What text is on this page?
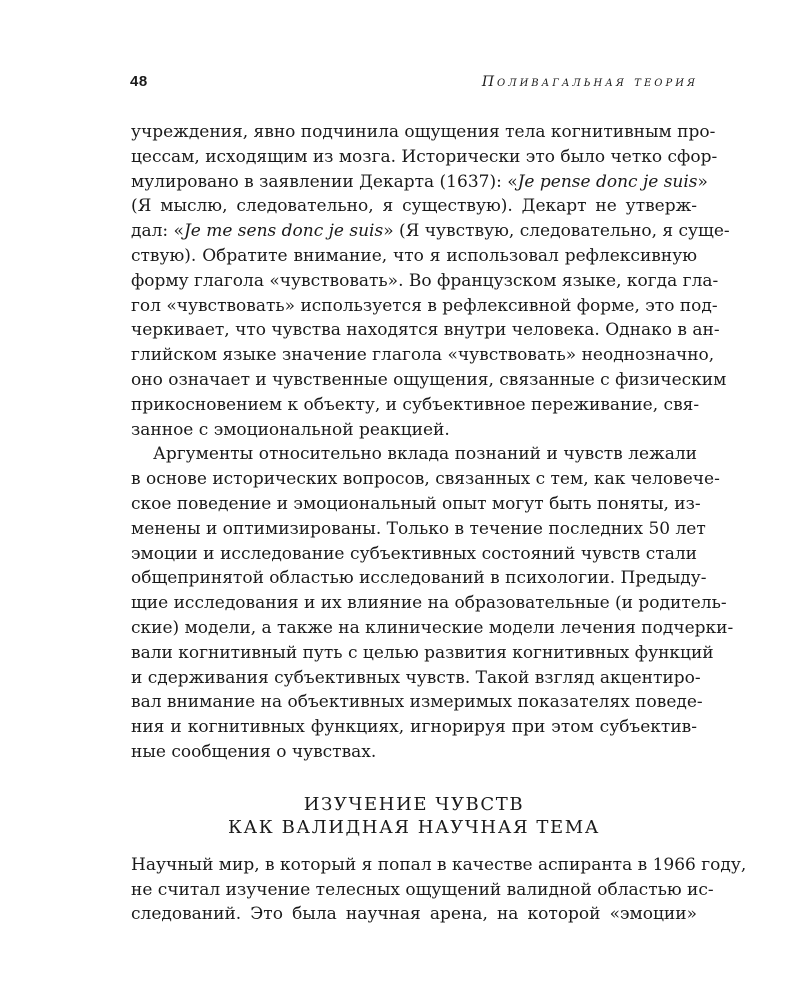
48	Поливагальная теория

учреждения, явно подчинила ощущения тела когнитивным про-
цессам, исходящим из мозга. Исторически это было четко сфор-
мулировано в заявлении Декарта (1637): «Je pense donc je suis»
(Я мыслю, следовательно, я существую). Декарт не утверж-
дал: «Je me sens donc je suis» (Я чувствую, следовательно, я суще-
ствую). Обратите внимание, что я использовал рефлексивную
форму глагола «чувствовать». Во французском языке, когда гла-
гол «чувствовать» используется в рефлексивной форме, это под-
черкивает, что чувства находятся внутри человека. Однако в ан-
глийском языке значение глагола «чувствовать» неоднозначно,
оно означает и чувственные ощущения, связанные с физическим
прикосновением к объекту, и субъективное переживание, свя-
занное с эмоциональной реакцией.

Аргументы относительно вклада познаний и чувств лежали
в основе исторических вопросов, связанных с тем, как человече-
ское поведение и эмоциональный опыт могут быть поняты, из-
менены и оптимизированы. Только в течение последних 50 лет
эмоции и исследование субъективных состояний чувств стали
общепринятой областью исследований в психологии. Предыду-
щие исследования и их влияние на образовательные (и родитель-
ские) модели, а также на клинические модели лечения подчерки-
вали когнитивный путь с целью развития когнитивных функций
и сдерживания субъективных чувств. Такой взгляд акцентиро-
вал внимание на объективных измеримых показателях поведе-
ния и когнитивных функциях, игнорируя при этом субъектив-
ные сообщения о чувствах.

ИЗУЧЕНИЕ ЧУВСТВ
КАК ВАЛИДНАЯ НАУЧНАЯ ТЕМА

Научный мир, в который я попал в качестве аспиранта в 1966 году,
не считал изучение телесных ощущений валидной областью ис-
следований. Это была научная арена, на которой «эмоции»
